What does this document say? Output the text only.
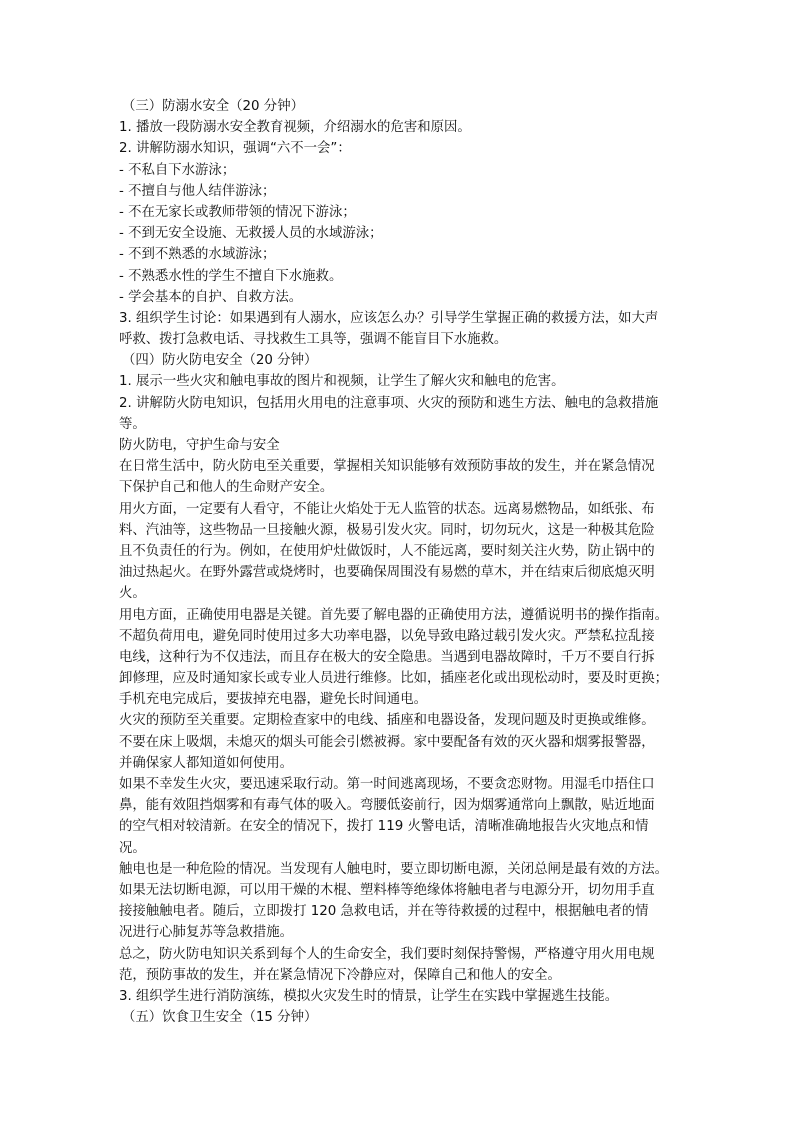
（三）防溺水安全（20 分钟）
1. 播放一段防溺水安全教育视频，介绍溺水的危害和原因。
2. 讲解防溺水知识，强调“六不一会”：
- 不私自下水游泳；
- 不擅自与他人结伴游泳；
- 不在无家长或教师带领的情况下游泳；
- 不到无安全设施、无救援人员的水域游泳；
- 不到不熟悉的水域游泳；
- 不熟悉水性的学生不擅自下水施救。
- 学会基本的自护、自救方法。
3. 组织学生讨论：如果遇到有人溺水，应该怎么办？引导学生掌握正确的救援方法，如大声
呼救、拨打急救电话、寻找救生工具等，强调不能盲目下水施救。
（四）防火防电安全（20 分钟）
1. 展示一些火灾和触电事故的图片和视频，让学生了解火灾和触电的危害。
2. 讲解防火防电知识，包括用火用电的注意事项、火灾的预防和逃生方法、触电的急救措施
等。
防火防电，守护生命与安全
在日常生活中，防火防电至关重要，掌握相关知识能够有效预防事故的发生，并在紧急情况
下保护自己和他人的生命财产安全。
用火方面，一定要有人看守，不能让火焰处于无人监管的状态。远离易燃物品，如纸张、布
料、汽油等，这些物品一旦接触火源，极易引发火灾。同时，切勿玩火，这是一种极其危险
且不负责任的行为。例如，在使用炉灶做饭时，人不能远离，要时刻关注火势，防止锅中的
油过热起火。在野外露营或烧烤时，也要确保周围没有易燃的草木，并在结束后彻底熄灭明
火。
用电方面，正确使用电器是关键。首先要了解电器的正确使用方法，遵循说明书的操作指南。
不超负荷用电，避免同时使用过多大功率电器，以免导致电路过载引发火灾。严禁私拉乱接
电线，这种行为不仅违法，而且存在极大的安全隐患。当遇到电器故障时，千万不要自行拆
卸修理，应及时通知家长或专业人员进行维修。比如，插座老化或出现松动时，要及时更换；
手机充电完成后，要拔掉充电器，避免长时间通电。
火灾的预防至关重要。定期检查家中的电线、插座和电器设备，发现问题及时更换或维修。
不要在床上吸烟，未熄灭的烟头可能会引燃被褥。家中要配备有效的灭火器和烟雾报警器，
并确保家人都知道如何使用。
如果不幸发生火灾，要迅速采取行动。第一时间逃离现场，不要贪恋财物。用湿毛巾捂住口
鼻，能有效阻挡烟雾和有毒气体的吸入。弯腰低姿前行，因为烟雾通常向上飘散，贴近地面
的空气相对较清新。在安全的情况下，拨打 119 火警电话，清晰准确地报告火灾地点和情
况。
触电也是一种危险的情况。当发现有人触电时，要立即切断电源，关闭总闸是最有效的方法。
如果无法切断电源，可以用干燥的木棍、塑料棒等绝缘体将触电者与电源分开，切勿用手直
接接触触电者。随后，立即拨打 120 急救电话，并在等待救援的过程中，根据触电者的情
况进行心肺复苏等急救措施。
总之，防火防电知识关系到每个人的生命安全，我们要时刻保持警惕，严格遵守用火用电规
范，预防事故的发生，并在紧急情况下冷静应对，保障自己和他人的安全。
3. 组织学生进行消防演练，模拟火灾发生时的情景，让学生在实践中掌握逃生技能。
（五）饮食卫生安全（15 分钟）
